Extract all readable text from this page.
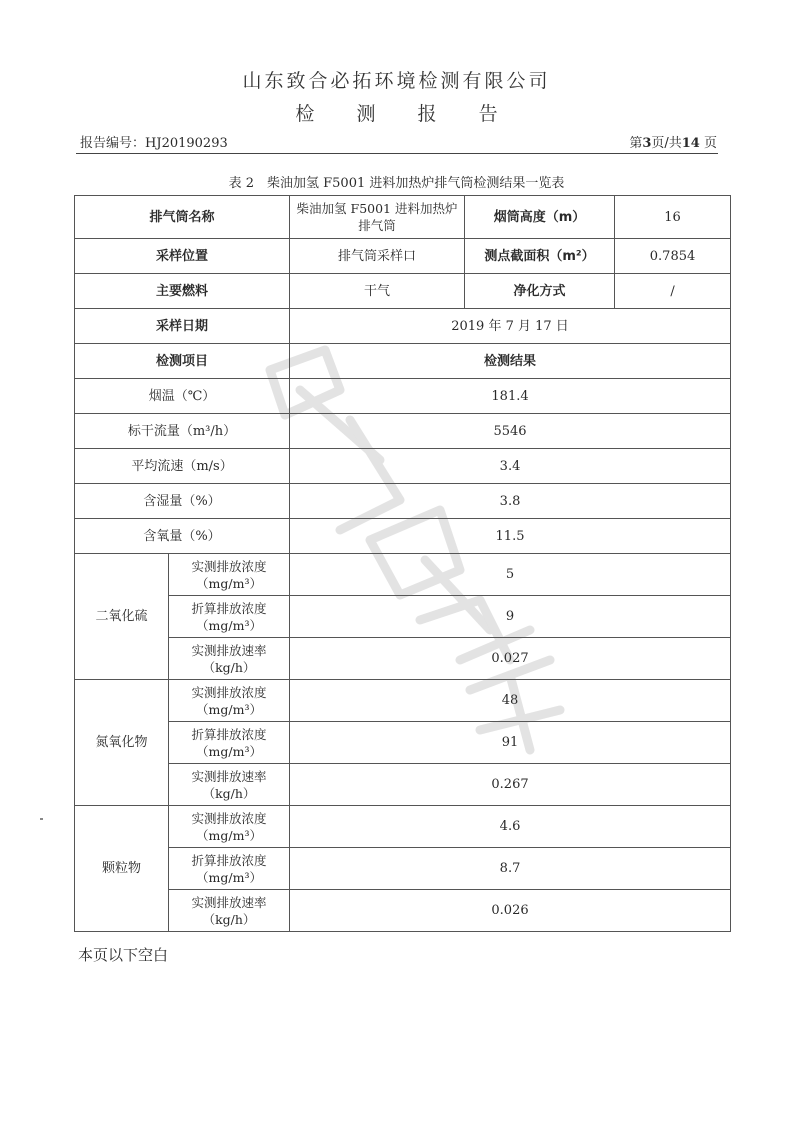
山东致合必拓环境检测有限公司
检 测 报 告
报告编号：HJ20190293	第3页/共14 页
表 2　柴油加氢 F5001 进料加热炉排气筒检测结果一览表
排气筒名称		柴油加氢 F5001 进料加热炉排气筒	烟筒高度（m）	16
采样位置		排气筒采样口	测点截面积（m²）	0.7854
主要燃料		干气	净化方式	/
采样日期		2019 年 7 月 17 日		
检测项目		检测结果		
烟温（℃）		181.4		
标干流量（m³/h）		5546		
平均流速（m/s）		3.4		
含湿量（%）		3.8		
含氧量（%）		11.5		
二氧化硫	实测排放浓度（mg/m³）	5		
	折算排放浓度（mg/m³）	9		
	实测排放速率（kg/h）	0.027		
氮氧化物	实测排放浓度（mg/m³）	48		
	折算排放浓度（mg/m³）	91		
	实测排放速率（kg/h）	0.267		
颗粒物	实测排放浓度（mg/m³）	4.6		
	折算排放浓度（mg/m³）	8.7		
	实测排放速率（kg/h）	0.026		
本页以下空白
